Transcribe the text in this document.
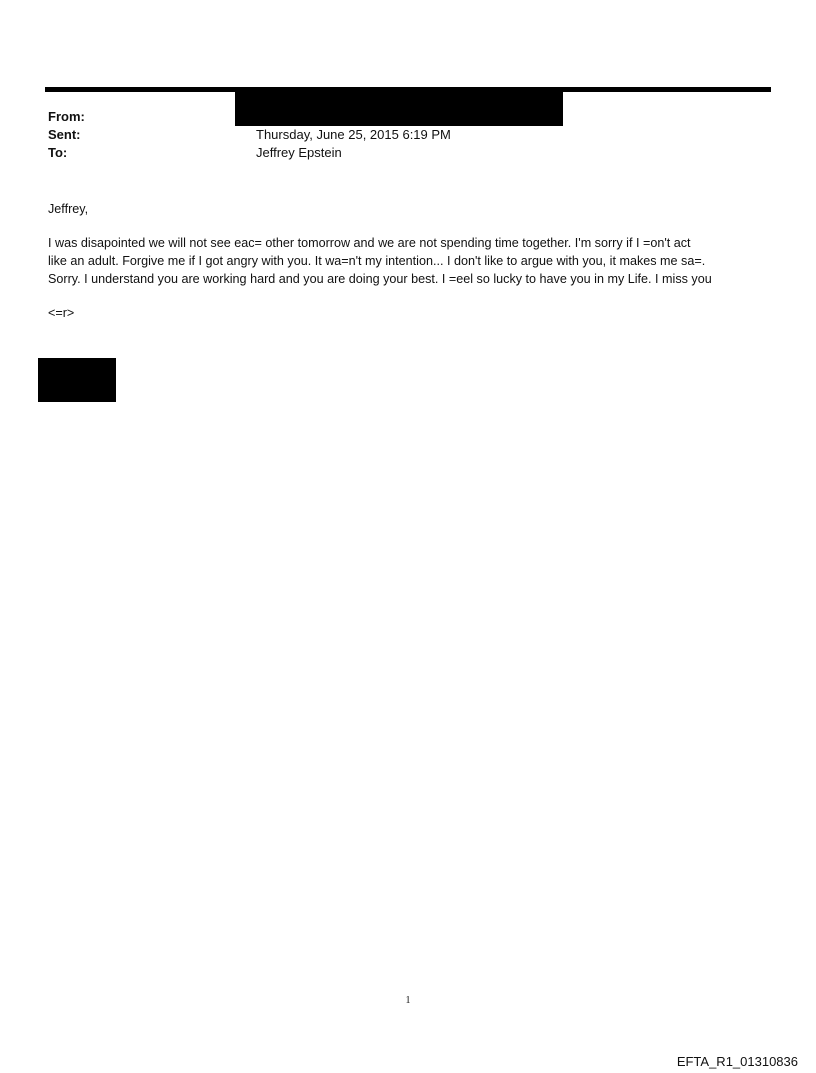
From:
Sent:
To:
Thursday, June 25, 2015 6:19 PM
Jeffrey Epstein
Jeffrey,
I was disapointed we will not see eac= other tomorrow and we are not spending time together. I'm sorry if I =on't act
like an adult. Forgive me if I got angry with you. It wa=n't my intention... I don't like to argue with you, it makes me sa=.
Sorry. I understand you are working hard and you are doing your best. I =eel so lucky to have you in my Life. I miss you
<=r>
1
EFTA_R1_01310836
